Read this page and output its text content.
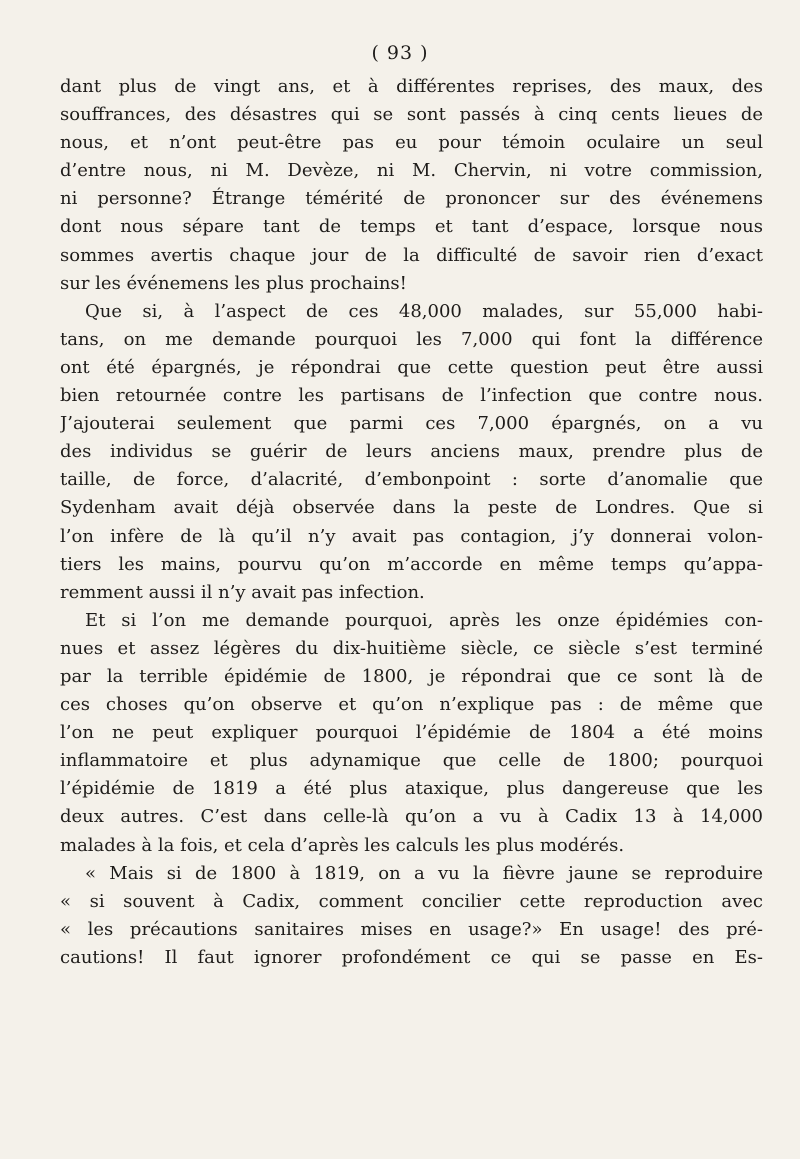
( 93 )
dant plus de vingt ans, et à différentes reprises, des maux, des
souffrances, des désastres qui se sont passés à cinq cents lieues de
nous, et n’ont peut-être pas eu pour témoin oculaire un seul
d’entre nous, ni M. Devèze, ni M. Chervin, ni votre commission,
ni personne? Étrange témérité de prononcer sur des événemens
dont nous sépare tant de temps et tant d’espace, lorsque nous
sommes avertis chaque jour de la difficulté de savoir rien d’exact
sur les événemens les plus prochains!
Que si, à l’aspect de ces 48,000 malades, sur 55,000 habi-
tans, on me demande pourquoi les 7,000 qui font la différence
ont été épargnés, je répondrai que cette question peut être aussi
bien retournée contre les partisans de l’infection que contre nous.
J’ajouterai seulement que parmi ces 7,000 épargnés, on a vu
des individus se guérir de leurs anciens maux, prendre plus de
taille, de force, d’alacrité, d’embonpoint : sorte d’anomalie que
Sydenham avait déjà observée dans la peste de Londres. Que si
l’on infère de là qu’il n’y avait pas contagion, j’y donnerai volon-
tiers les mains, pourvu qu’on m’accorde en même temps qu’appa-
remment aussi il n’y avait pas infection.
Et si l’on me demande pourquoi, après les onze épidémies con-
nues et assez légères du dix-huitième siècle, ce siècle s’est terminé
par la terrible épidémie de 1800, je répondrai que ce sont là de
ces choses qu’on observe et qu’on n’explique pas : de même que
l’on ne peut expliquer pourquoi l’épidémie de 1804 a été moins
inflammatoire et plus adynamique que celle de 1800; pourquoi
l’épidémie de 1819 a été plus ataxique, plus dangereuse que les
deux autres. C’est dans celle-là qu’on a vu à Cadix 13 à 14,000
malades à la fois, et cela d’après les calculs les plus modérés.
« Mais si de 1800 à 1819, on a vu la fièvre jaune se reproduire
« si souvent à Cadix, comment concilier cette reproduction avec
« les précautions sanitaires mises en usage?» En usage! des pré-
cautions! Il faut ignorer profondément ce qui se passe en Es-
